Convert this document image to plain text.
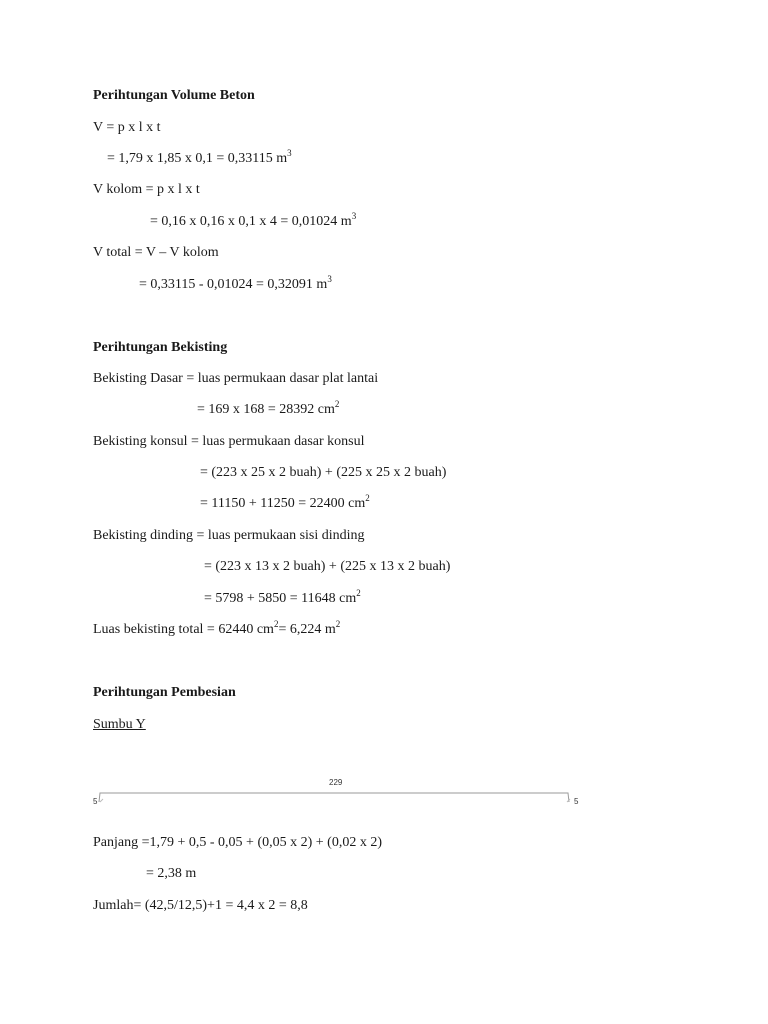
Perihtungan Volume Beton
V = p x l x t
= 1,79 x 1,85 x 0,1 = 0,33115 $m^3$
V kolom = p x l x t
= 0,16 x 0,16 x 0,1 x 4 = 0,01024 $m^3$
V total = V – V kolom
= 0,33115 - 0,01024 = 0,32091 $m^3$
Perihtungan Bekisting
Bekisting Dasar = luas permukaan dasar plat lantai
= 169 x 168 = 28392 $cm^2$
Bekisting konsul = luas permukaan dasar konsul
= (223 x 25 x 2 buah) + (225 x 25 x 2 buah)
= 11150 + 11250 = 22400 $cm^2$
Bekisting dinding = luas permukaan sisi dinding
= (223 x 13 x 2 buah) + (225 x 13 x 2 buah)
= 5798 + 5850 = 11648 $cm^2$
Luas bekisting total = 62440 $cm^2= 6,224$ $m^2$
Perihtungan Pembesian
Sumbu Y
229
5	5
Panjang =1,79 + 0,5 - 0,05 + (0,05 x 2) + (0,02 x 2)
= 2,38 m
Jumlah= (42,5/12,5)+1 = 4,4 x 2 = 8,8
